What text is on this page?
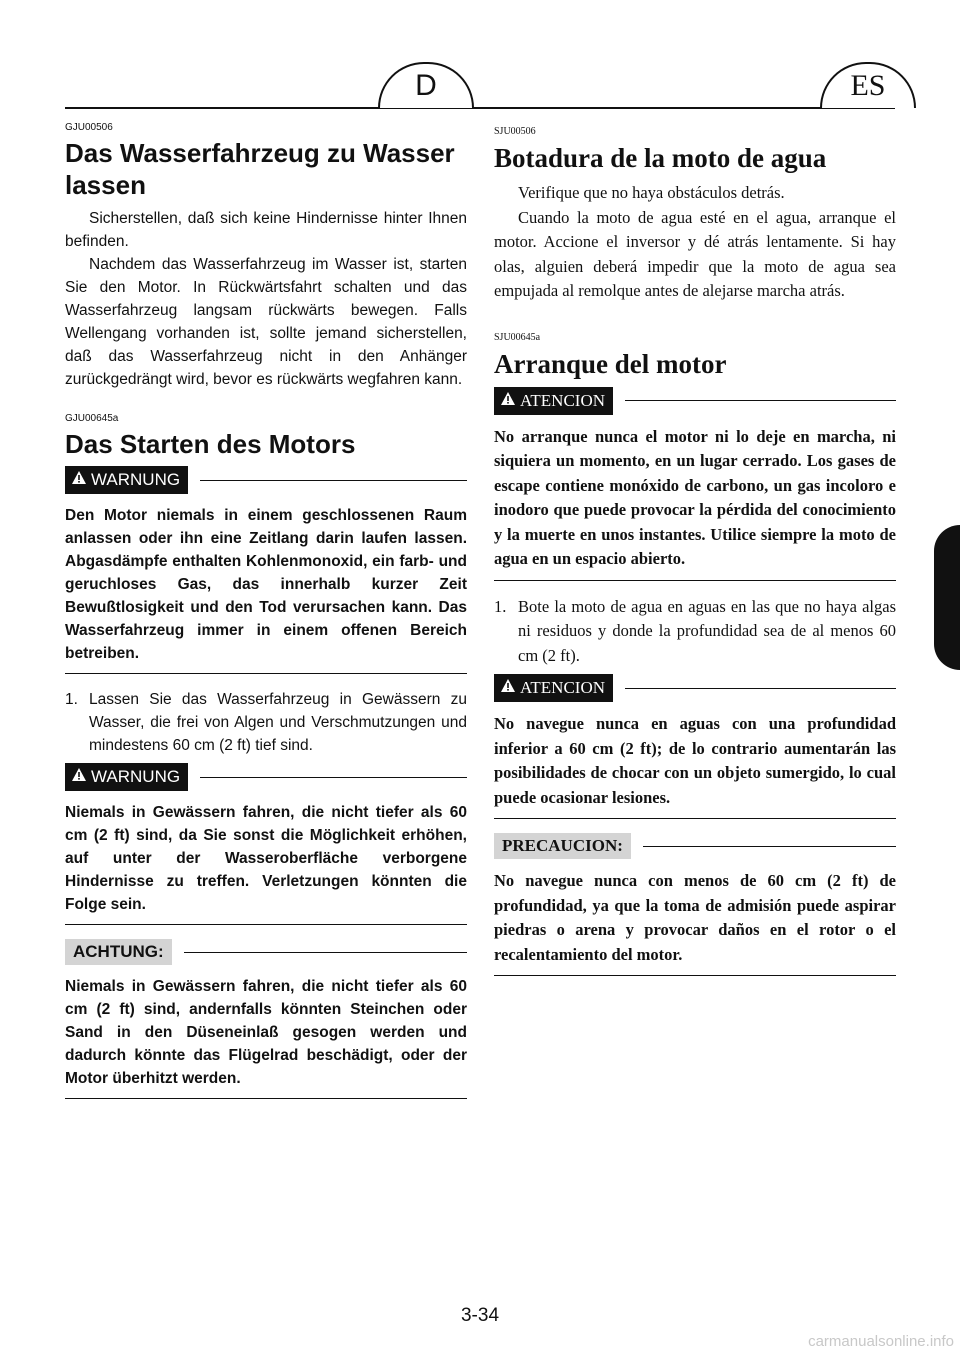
D	ES
GJU00506
Das Wasserfahrzeug zu Wasser lassen

Sicherstellen, daß sich keine Hindernisse hinter Ihnen befinden.

Nachdem das Wasserfahrzeug im Wasser ist, starten Sie den Motor. In Rückwärtsfahrt schalten und das Wasserfahrzeug langsam rückwärts bewegen. Falls Wellengang vorhanden ist, sollte jemand sicherstellen, daß das Wasserfahrzeug nicht in den Anhänger zurückgedrängt wird, bevor es rückwärts wegfahren kann.

GJU00645a
Das Starten des Motors
WARNUNG
Den Motor niemals in einem geschlossenen Raum anlassen oder ihn eine Zeitlang darin laufen lassen. Abgasdämpfe enthalten Kohlenmonoxid, ein farb- und geruchloses Gas, das innerhalb kurzer Zeit Bewußtlosigkeit und den Tod verursachen kann. Das Wasserfahrzeug immer in einem offenen Bereich betreiben.
1. Lassen Sie das Wasserfahrzeug in Gewässern zu Wasser, die frei von Algen und Verschmutzungen und mindestens 60 cm (2 ft) tief sind.
WARNUNG
Niemals in Gewässern fahren, die nicht tiefer als 60 cm (2 ft) sind, da Sie sonst die Möglichkeit erhöhen, auf unter der Wasseroberfläche verborgene Hindernisse zu treffen. Verletzungen könnten die Folge sein.
ACHTUNG:
Niemals in Gewässern fahren, die nicht tiefer als 60 cm (2 ft) sind, andernfalls könnten Steinchen oder Sand in den Düseneinlaß gesogen werden und dadurch könnte das Flügelrad beschädigt, oder der Motor überhitzt werden.
SJU00506
Botadura de la moto de agua

Verifique que no haya obstáculos detrás.

Cuando la moto de agua esté en el agua, arranque el motor. Accione el inversor y dé atrás lentamente. Si hay olas, alguien deberá impedir que la moto de agua sea empujada al remolque antes de alejarse marcha atrás.

SJU00645a
Arranque del motor
ATENCION
No arranque nunca el motor ni lo deje en marcha, ni siquiera un momento, en un lugar cerrado. Los gases de escape contiene monóxido de carbono, un gas incoloro e inodoro que puede provocar la pérdida del conocimiento y la muerte en unos instantes. Utilice siempre la moto de agua en un espacio abierto.
1. Bote la moto de agua en aguas en las que no haya algas ni residuos y donde la profundidad sea de al menos 60 cm (2 ft).
ATENCION
No navegue nunca en aguas con una profundidad inferior a 60 cm (2 ft); de lo contrario aumentarán las posibilidades de chocar con un objeto sumergido, lo cual puede ocasionar lesiones.
PRECAUCION:
No navegue nunca con menos de 60 cm (2 ft) de profundidad, ya que la toma de admisión puede aspirar piedras o arena y provocar daños en el rotor o el recalentamiento del motor.
3-34
carmanualsonline.info
